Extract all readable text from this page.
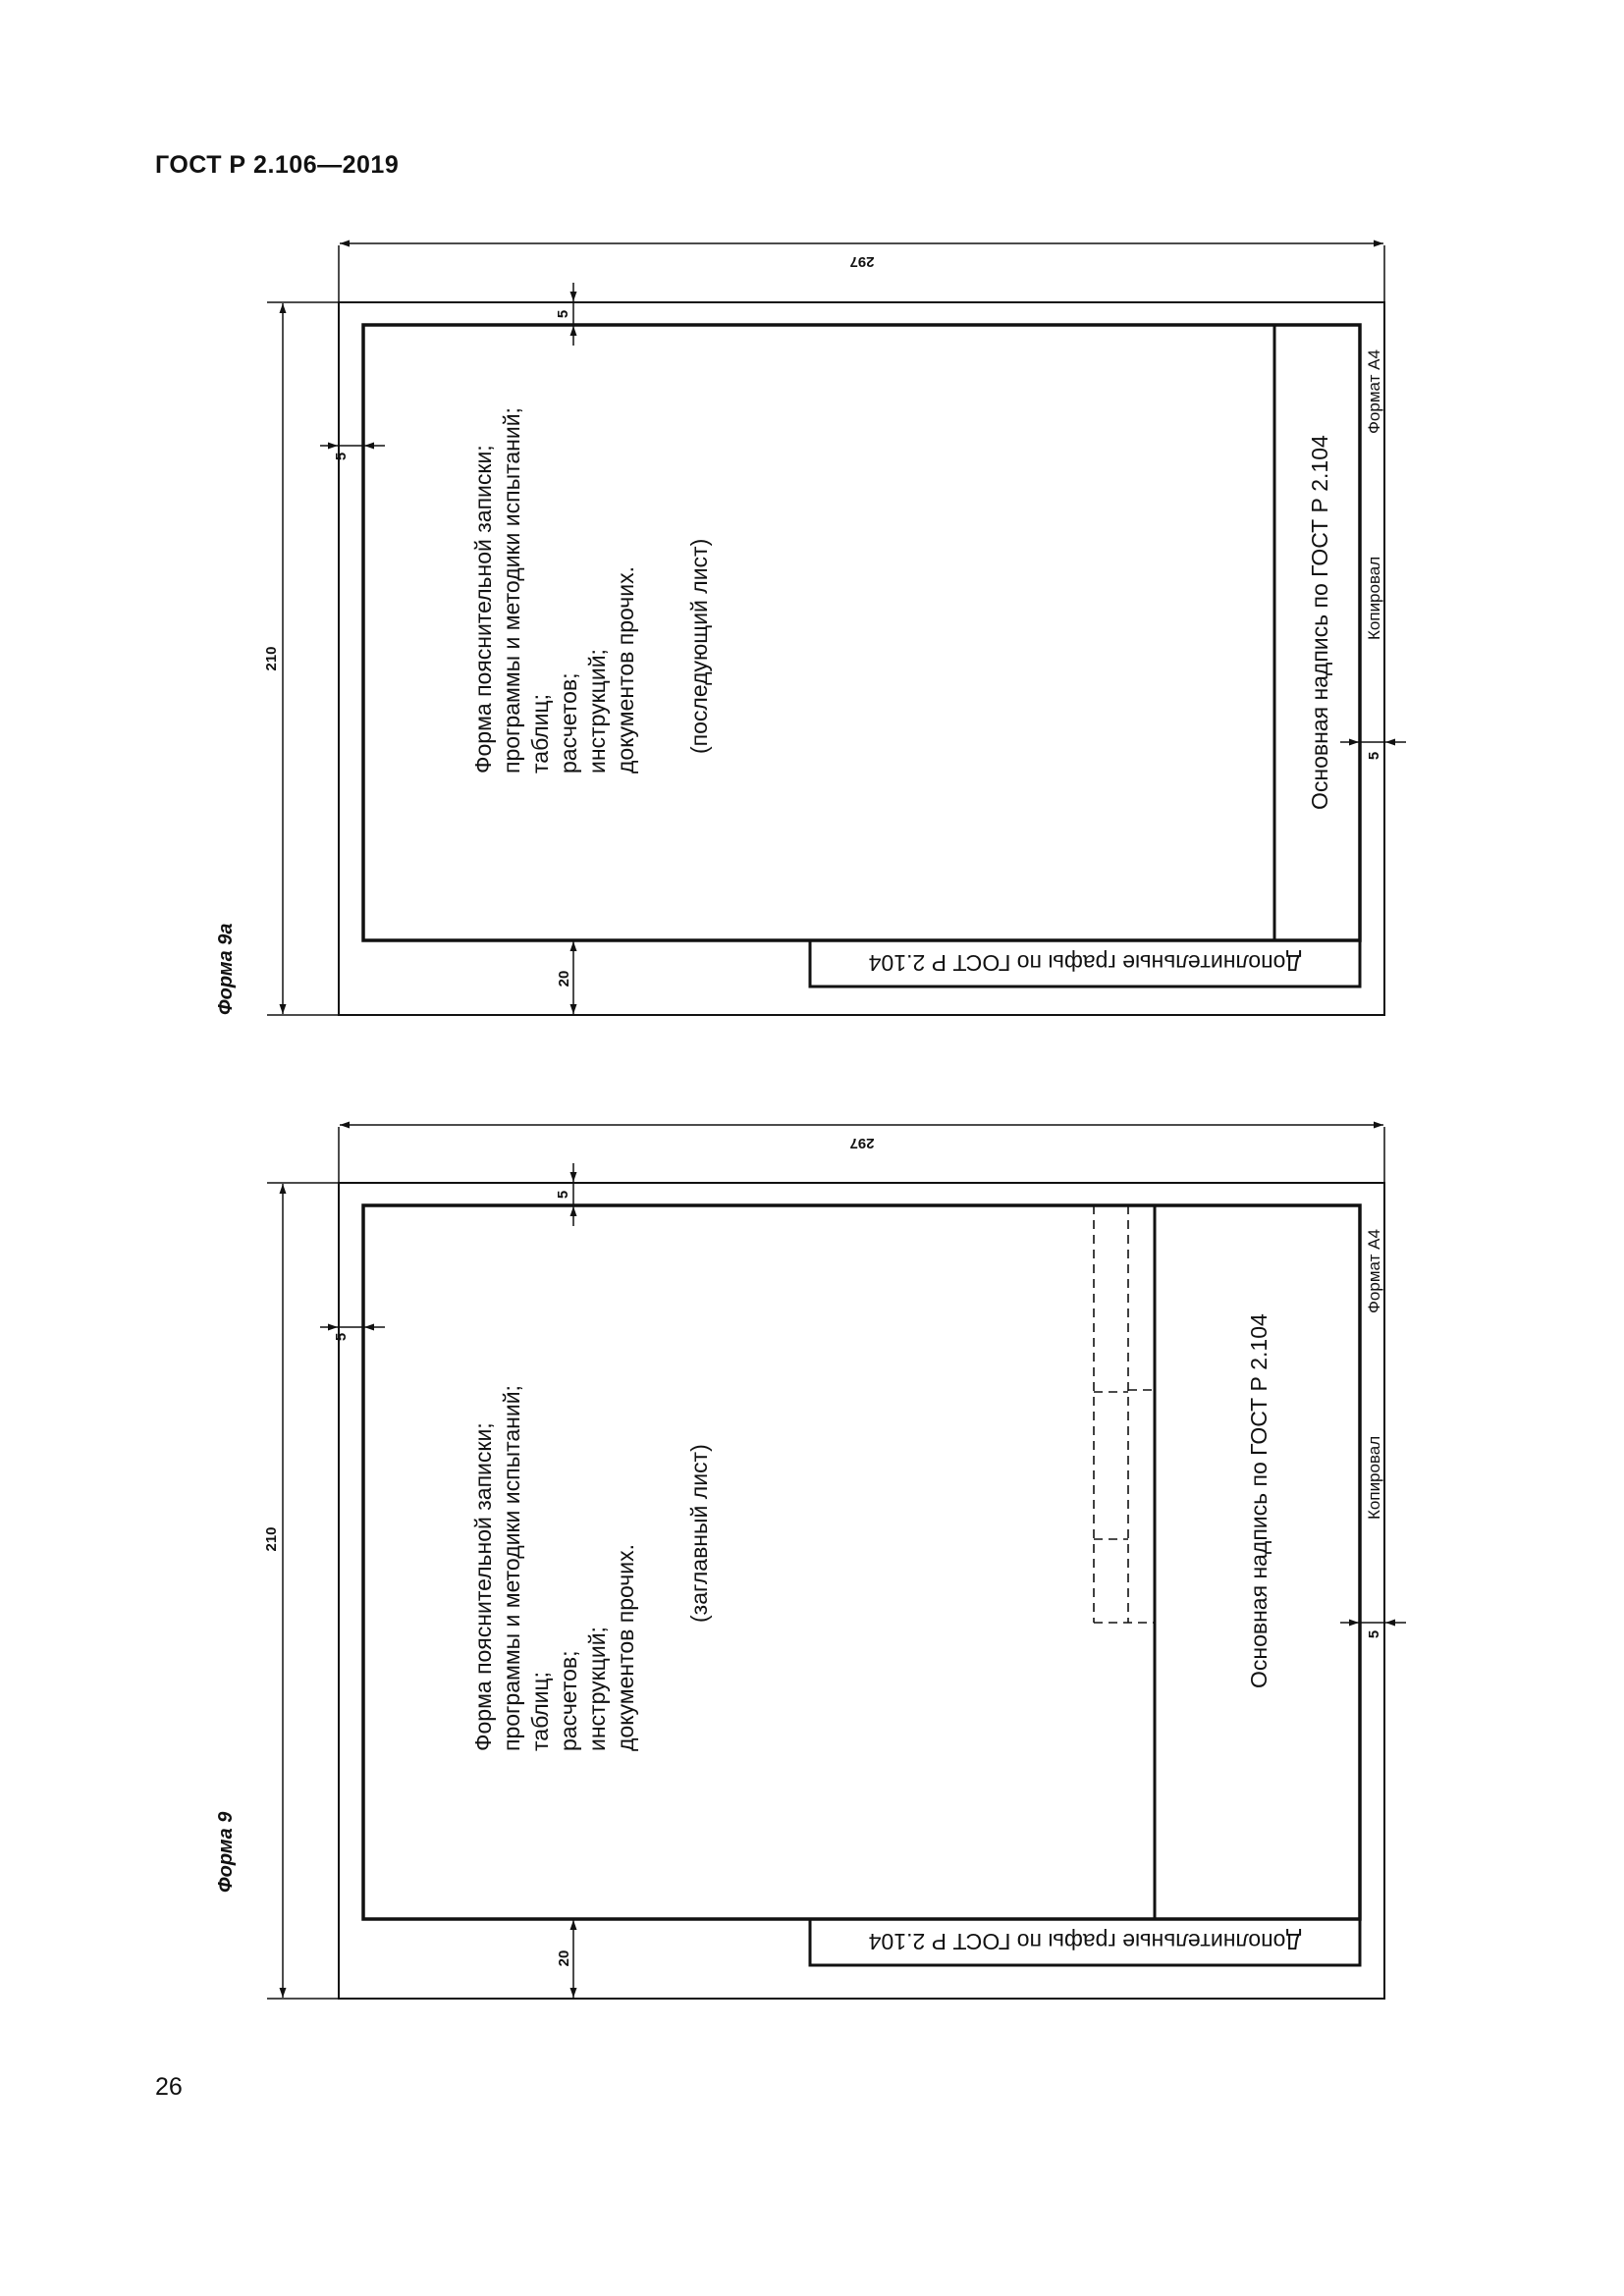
ГОСТ Р 2.106—2019
297
210
5
5
20
5
Форма пояснительной записки; программы и методики испытаний; таблиц; расчетов; инструкций; документов прочих. (последующий лист)	Основная надпись по ГОСТ Р 2.104 Копировал
Формат А4
Дополнительные графы по ГОСТ Р 2.104
Форма 9а
297
210
5
5
20
5
Форма пояснительной записки; программы и методики испытаний; таблиц; расчетов; инструкций; документов прочих.
(заглавный лист)	Основная надпись по ГОСТ Р 2.104	Копировал
Формат А4
Дополнительные графы по ГОСТ Р 2.104
Форма 9
26
